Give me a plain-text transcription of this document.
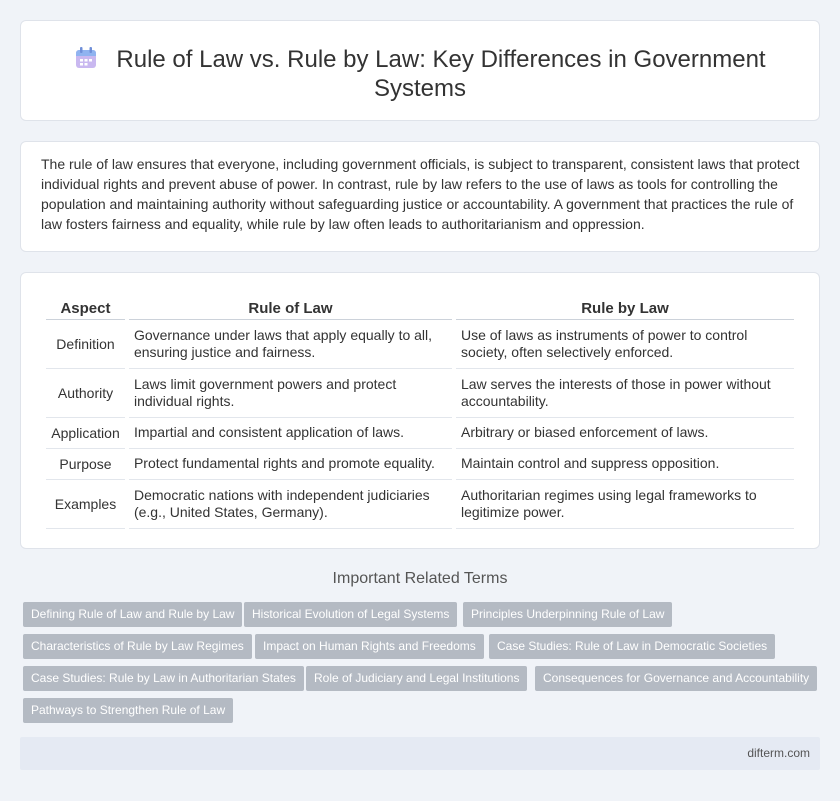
Rule of Law vs. Rule by Law: Key Differences in Government Systems

The rule of law ensures that everyone, including government officials, is subject to transparent, consistent laws that protect individual rights and prevent abuse of power. In contrast, rule by law refers to the use of laws as tools for controlling the population and maintaining authority without safeguarding justice or accountability. A government that practices the rule of law fosters fairness and equality, while rule by law often leads to authoritarianism and oppression.

Aspect	Rule of Law	Rule by Law
Definition	Governance under laws that apply equally to all, ensuring justice and fairness.	Use of laws as instruments of power to control society, often selectively enforced.
Authority	Laws limit government powers and protect individual rights.	Law serves the interests of those in power without accountability.
Application	Impartial and consistent application of laws.	Arbitrary or biased enforcement of laws.
Purpose	Protect fundamental rights and promote equality.	Maintain control and suppress opposition.
Examples	Democratic nations with independent judiciaries (e.g., United States, Germany).	Authoritarian regimes using legal frameworks to legitimize power.
Important Related Terms
Defining Rule of Law and Rule by Law	Historical Evolution of Legal Systems	Principles Underpinning Rule of Law
Characteristics of Rule by Law Regimes	Impact on Human Rights and Freedoms	Case Studies: Rule of Law in Democratic Societies
Case Studies: Rule by Law in Authoritarian States	Role of Judiciary and Legal Institutions	Consequences for Governance and Accountability
Pathways to Strengthen Rule of Law
difterm.com
